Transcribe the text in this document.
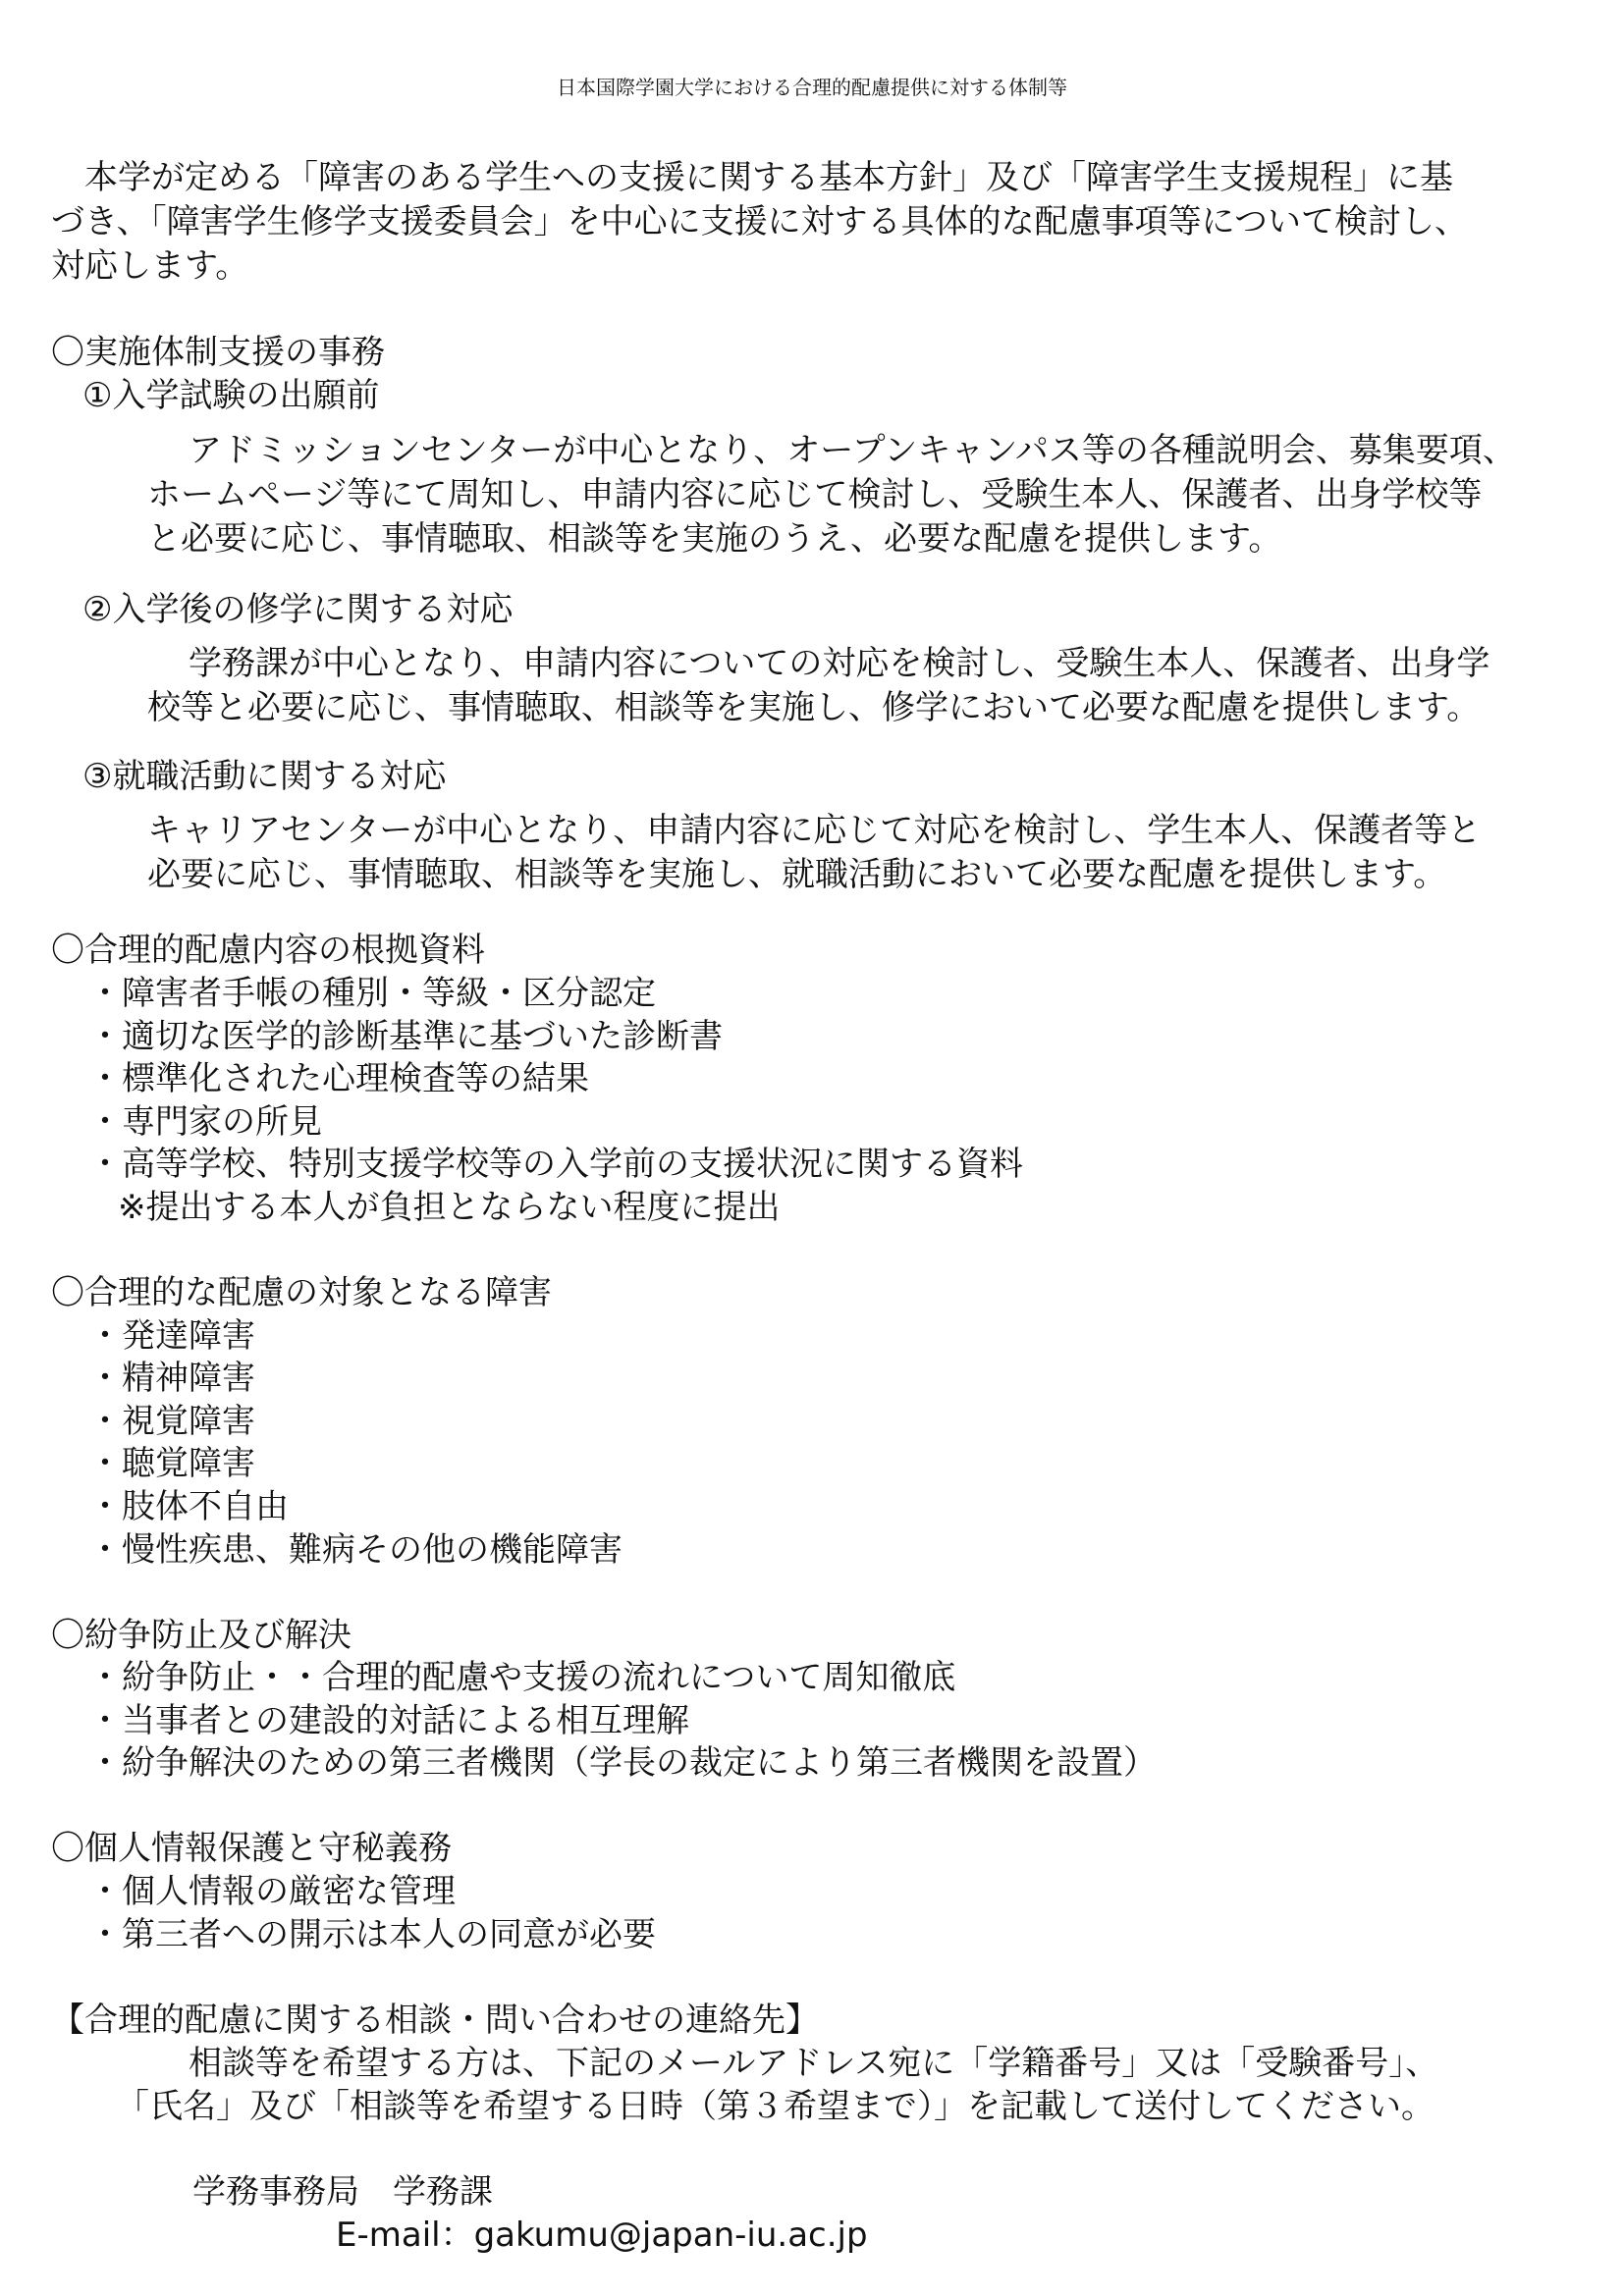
日本国際学園大学における合理的配慮提供に対する体制等
　本学が定める「障害のある学生への支援に関する基本方針」及び「障害学生支援規程」に基
づき、「障害学生修学支援委員会」を中心に支援に対する具体的な配慮事項等について検討し、
対応します。
〇実施体制支援の事務
①入学試験の出願前
アドミッションセンターが中心となり、オープンキャンパス等の各種説明会、募集要項、
ホームページ等にて周知し、申請内容に応じて検討し、受験生本人、保護者、出身学校等
と必要に応じ、事情聴取、相談等を実施のうえ、必要な配慮を提供します。
②入学後の修学に関する対応
学務課が中心となり、申請内容についての対応を検討し、受験生本人、保護者、出身学
校等と必要に応じ、事情聴取、相談等を実施し、修学において必要な配慮を提供します。
③就職活動に関する対応
キャリアセンターが中心となり、申請内容に応じて対応を検討し、学生本人、保護者等と
必要に応じ、事情聴取、相談等を実施し、就職活動において必要な配慮を提供します。
〇合理的配慮内容の根拠資料
・障害者手帳の種別・等級・区分認定
・適切な医学的診断基準に基づいた診断書
・標準化された心理検査等の結果
・専門家の所見
・高等学校、特別支援学校等の入学前の支援状況に関する資料
※提出する本人が負担とならない程度に提出
〇合理的な配慮の対象となる障害
・発達障害
・精神障害
・視覚障害
・聴覚障害
・肢体不自由
・慢性疾患、難病その他の機能障害
〇紛争防止及び解決
・紛争防止・・合理的配慮や支援の流れについて周知徹底
・当事者との建設的対話による相互理解
・紛争解決のための第三者機関（学長の裁定により第三者機関を設置）
〇個人情報保護と守秘義務
・個人情報の厳密な管理
・第三者への開示は本人の同意が必要
【合理的配慮に関する相談・問い合わせの連絡先】
相談等を希望する方は、下記のメールアドレス宛に「学籍番号」又は「受験番号」、
「氏名」及び「相談等を希望する日時（第３希望まで）」を記載して送付してください。
学務事務局　学務課
E-mail：gakumu@japan-iu.ac.jp
